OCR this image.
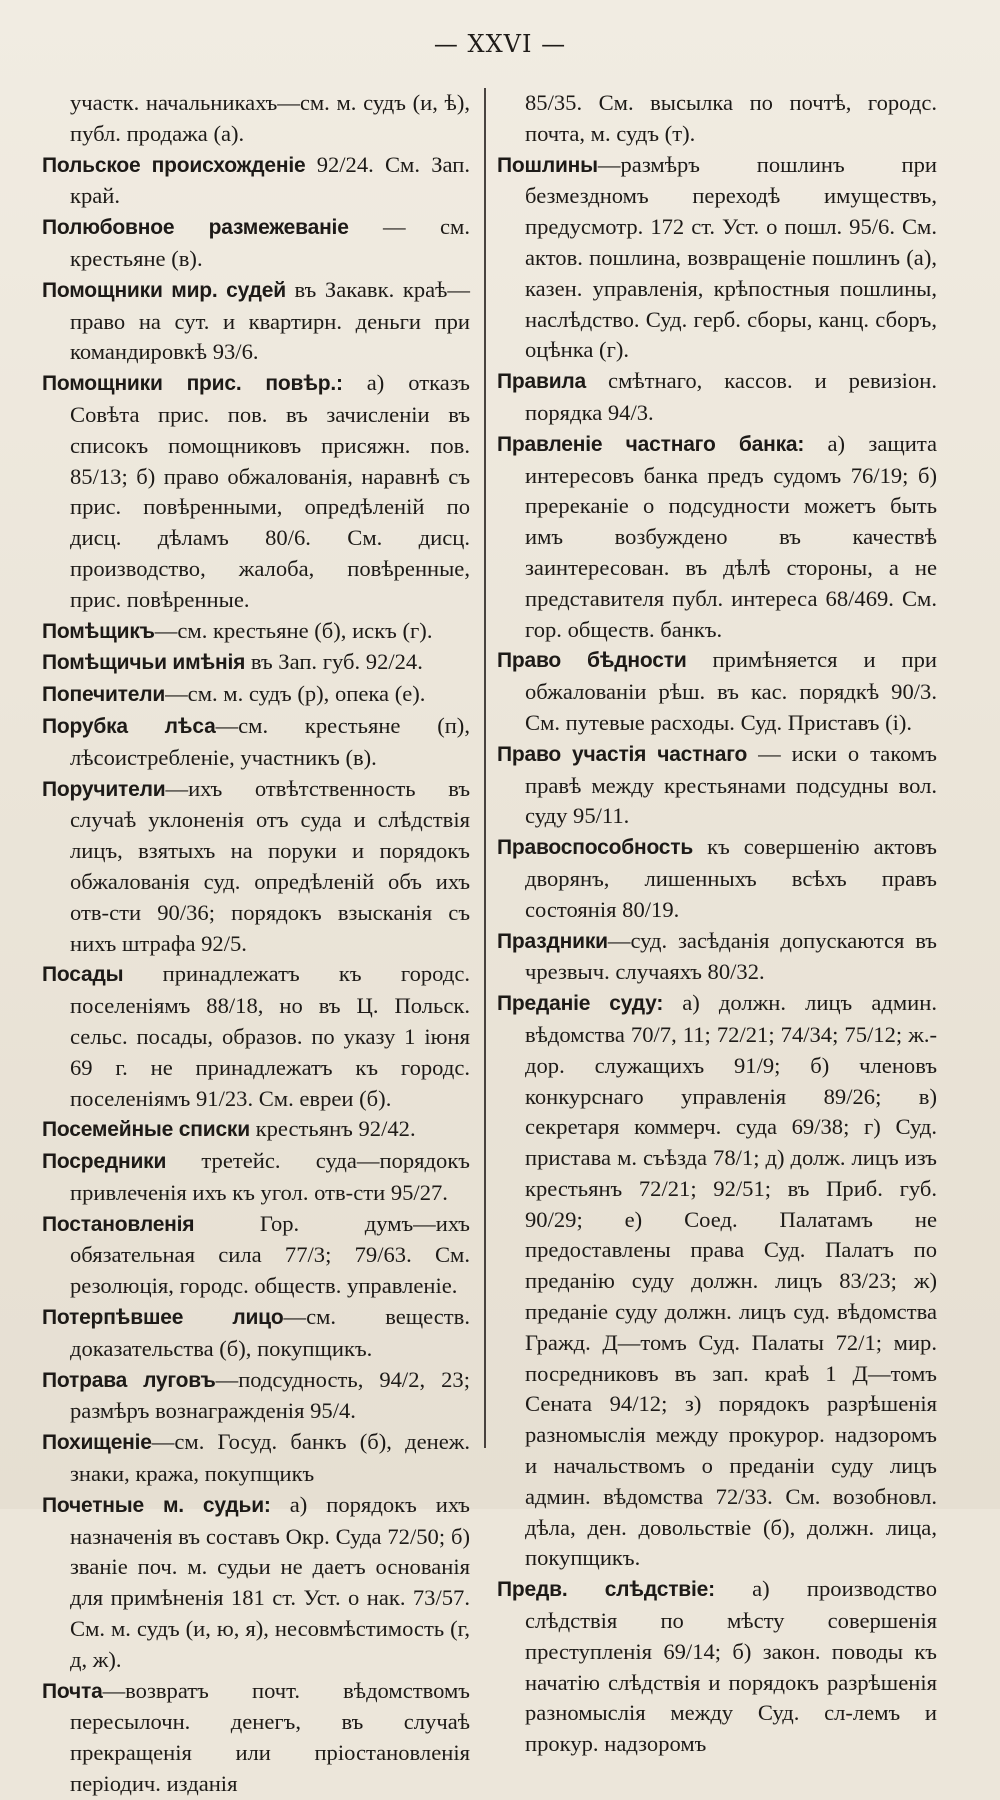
— XXVI —

участк. начальникахъ—см. м. судъ (и, ѣ), публ. продажа (а).

Польское происхожденіе 92/24. См. Зап. край.

Полюбовное размежеваніе — см. крестьяне (в).

Помощники мир. судей въ Закавк. краѣ—право на сут. и квартирн. деньги при командировкѣ 93/6.

Помощники прис. повѣр.: а) отказъ Совѣта прис. пов. въ зачисленіи въ списокъ помощниковъ присяжн. пов. 85/13; б) право обжалованія, наравнѣ съ прис. повѣренными, опредѣленій по дисц. дѣламъ 80/6. См. дисц. производство, жалоба, повѣренные, прис. повѣренные.

Помѣщикъ—см. крестьяне (б), искъ (г).

Помѣщичьи имѣнія въ Зап. губ. 92/24.

Попечители—см. м. судъ (р), опека (е).

Порубка лѣса—см. крестьяне (п), лѣсоистребленіе, участникъ (в).

Поручители—ихъ отвѣтственность въ случаѣ уклоненія отъ суда и слѣдствія лицъ, взятыхъ на поруки и порядокъ обжалованія суд. опредѣленій объ ихъ отв-сти 90/36; порядокъ взысканія съ нихъ штрафа 92/5.

Посады принадлежатъ къ городс. поселеніямъ 88/18, но въ Ц. Польск. сельс. посады, образов. по указу 1 іюня 69 г. не принадлежатъ къ городс. поселеніямъ 91/23. См. евреи (б).

Посемейные списки крестьянъ 92/42.

Посредники третейс. суда—порядокъ привлеченія ихъ къ угол. отв-сти 95/27.

Постановленія Гор. думъ—ихъ обязательная сила 77/3; 79/63. См. резолюція, городс. обществ. управленіе.

Потерпѣвшее лицо—см. веществ. доказательства (б), покупщикъ.

Потрава луговъ—подсудность, 94/2, 23; размѣръ вознагражденія 95/4.

Похищеніе—см. Госуд. банкъ (б), денеж. знаки, кража, покупщикъ

Почетные м. судьи: а) порядокъ ихъ назначенія въ составъ Окр. Суда 72/50; б) званіе поч. м. судьи не даетъ основанія для примѣненія 181 ст. Уст. о нак. 73/57. См. м. судъ (и, ю, я), несовмѣстимость (г, д, ж).

Почта—возвратъ почт. вѣдомствомъ пересылочн. денегъ, въ случаѣ прекращенія или пріостановленія періодич. изданія

85/35. См. высылка по почтѣ, городс. почта, м. судъ (т).

Пошлины—размѣръ пошлинъ при безмездномъ переходѣ имуществъ, предусмотр. 172 ст. Уст. о пошл. 95/6. См. актов. пошлина, возвращеніе пошлинъ (а), казен. управленія, крѣпостныя пошлины, наслѣдство. Суд. герб. сборы, канц. сборъ, оцѣнка (г).

Правила смѣтнаго, кассов. и ревизіон. порядка 94/3.

Правленіе частнаго банка: а) защита интересовъ банка предъ судомъ 76/19; б) пререканіе о подсудности можетъ быть имъ возбуждено въ качествѣ заинтересован. въ дѣлѣ стороны, а не представителя публ. интереса 68/469. См. гор. обществ. банкъ.

Право бѣдности примѣняется и при обжалованіи рѣш. въ кас. порядкѣ 90/3. См. путевые расходы. Суд. Приставъ (і).

Право участія частнаго — иски о такомъ правѣ между крестьянами подсудны вол. суду 95/11.

Правоспособность къ совершенію актовъ дворянъ, лишенныхъ всѣхъ правъ состоянія 80/19.

Праздники—суд. засѣданія допускаются въ чрезвыч. случаяхъ 80/32.

Преданіе суду: а) должн. лицъ админ. вѣдомства 70/7, 11; 72/21; 74/34; 75/12; ж.-дор. служащихъ 91/9; б) членовъ конкурснаго управленія 89/26; в) секретаря коммерч. суда 69/38; г) Суд. пристава м. съѣзда 78/1; д) долж. лицъ изъ крестьянъ 72/21; 92/51; въ Приб. губ. 90/29; е) Соед. Палатамъ не предоставлены права Суд. Палатъ по преданію суду должн. лицъ 83/23; ж) преданіе суду должн. лицъ суд. вѣдомства Гражд. Д—томъ Суд. Палаты 72/1; мир. посредниковъ въ зап. краѣ 1 Д—томъ Сената 94/12; з) порядокъ разрѣшенія разномыслія между прокурор. надзоромъ и начальствомъ о преданіи суду лицъ админ. вѣдомства 72/33. См. возобновл. дѣла, ден. довольствіе (б), должн. лица, покупщикъ.

Предв. слѣдствіе: а) производство слѣдствія по мѣсту совершенія преступленія 69/14; б) закон. поводы къ начатію слѣдствія и порядокъ разрѣшенія разномыслія между Суд. сл-лемъ и прокур. надзоромъ
